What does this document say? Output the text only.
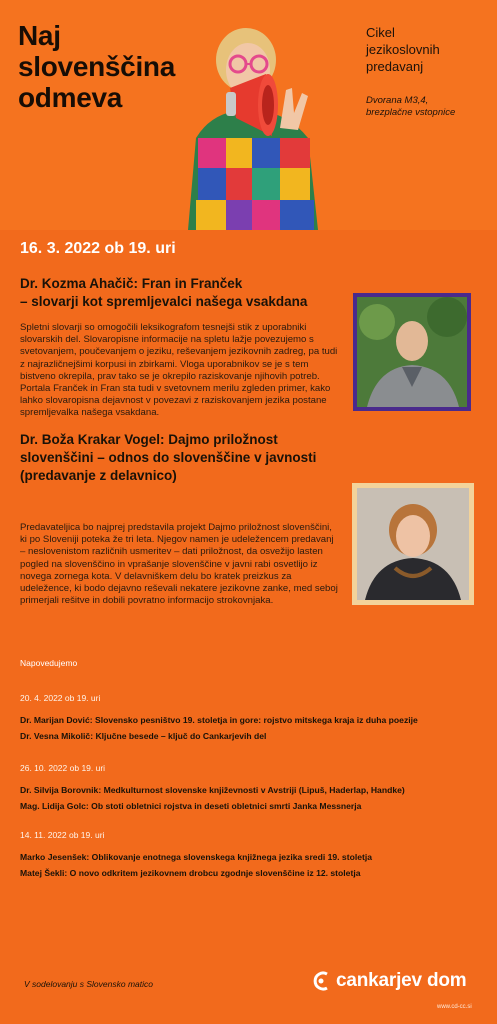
Naj
slovenščina
odmeva
Cikel
jezikoslovnih
predavanj
Dvorana M3,4,
brezplačne vstopnice
16. 3. 2022 ob 19. uri
Dr. Kozma Ahačič: Fran in Franček
– slovarji kot spremljevalci našega vsakdana

Spletni slovarji so omogočili leksikografom tesnejši stik z uporabniki slovarskih del. Slovaropisne informacije na spletu lažje povezujemo s svetovanjem, poučevanjem o jeziku, reševanjem jezikovnih zadreg, pa tudi z najrazličnejšimi korpusi in zbirkami. Vloga uporabnikov se je s tem bistveno okrepila, prav tako se je okrepilo raziskovanje njihovih potreb. Portala Franček in Fran sta tudi v svetovnem merilu zgleden primer, kako lahko slovaropisna dejavnost v povezavi z raziskovanjem jezika postane spremljevalka našega vsakdana.

Dr. Boža Krakar Vogel: Dajmo priložnost
slovenščini – odnos do slovenščine v javnosti
(predavanje z delavnico)

Predavateljica bo najprej predstavila projekt Dajmo priložnost slovenščini, ki po Sloveniji poteka že tri leta. Njegov namen je udeležencem predavanj – neslovenistom različnih usmeritev – dati priložnost, da osvežijo lasten pogled na slovenščino in vprašanje slovenščine v javni rabi osvetlijo iz novega zornega kota. V delavniškem delu bo kratek preizkus za udeležence, ki bodo dejavno reševali nekatere jezikovne zanke, med seboj primerjali rešitve in dobili povratno informacijo strokovnjaka.

Napovedujemo
20. 4. 2022 ob 19. uri
Dr. Marijan Dović: Slovensko pesništvo 19. stoletja in gore: rojstvo mitskega kraja iz duha poezije
Dr. Vesna Mikolič: Ključne besede – ključ do Cankarjevih del
26. 10. 2022 ob 19. uri
Dr. Silvija Borovnik: Medkulturnost slovenske književnosti v Avstriji (Lipuš, Haderlap, Handke)
Mag. Lidija Golc: Ob stoti obletnici rojstva in deseti obletnici smrti Janka Messnerja
14. 11. 2022 ob 19. uri
Marko Jesenšek: Oblikovanje enotnega slovenskega knjižnega jezika sredi 19. stoletja
Matej Šekli: O novo odkritem jezikovnem drobcu zgodnje slovenščine iz 12. stoletja
V sodelovanju s Slovensko matico	cankarjev dom
www.cd-cc.si
